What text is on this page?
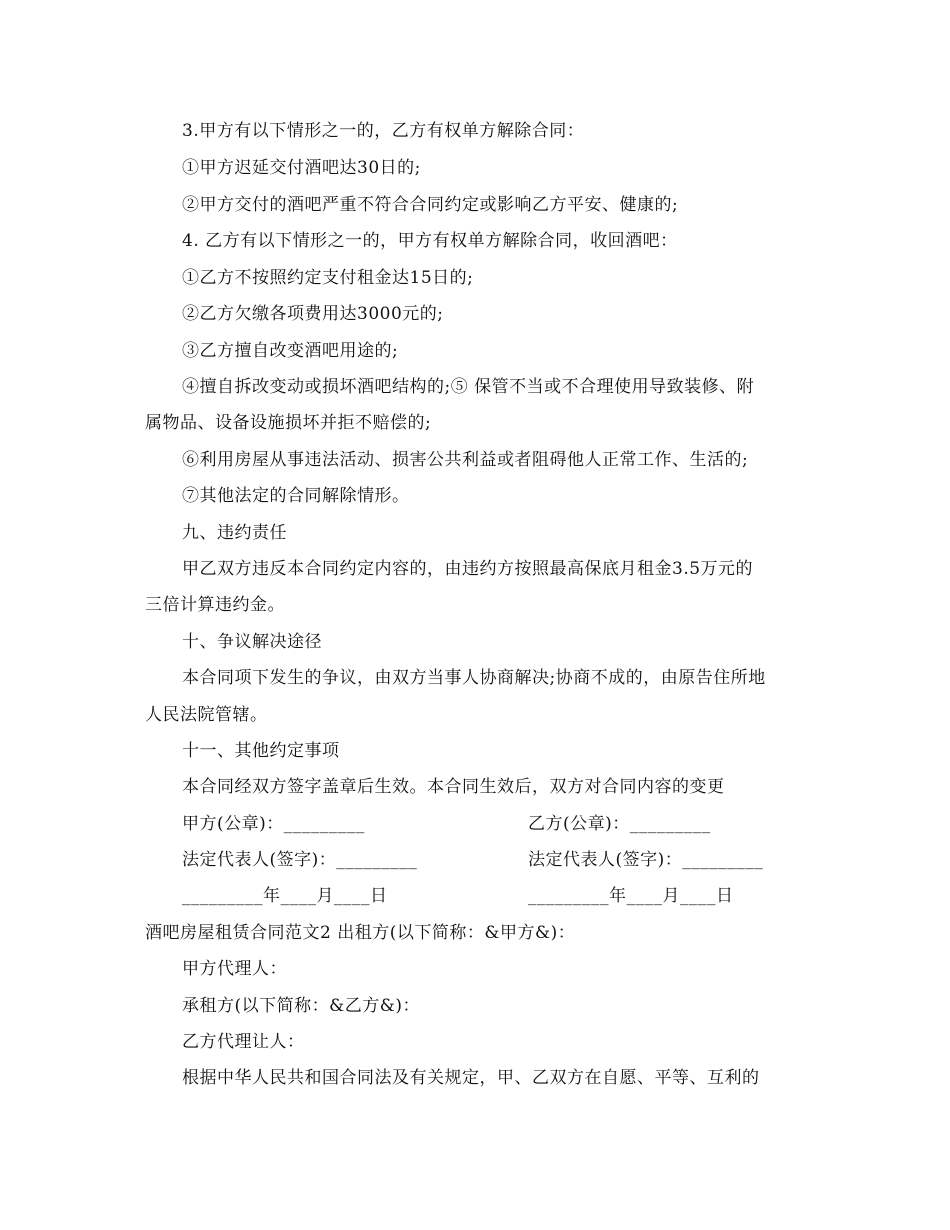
3.甲方有以下情形之一的，乙方有权单方解除合同：
①甲方迟延交付酒吧达30日的;
②甲方交付的酒吧严重不符合合同约定或影响乙方平安、健康的;
4. 乙方有以下情形之一的，甲方有权单方解除合同，收回酒吧：
①乙方不按照约定支付租金达15日的;
②乙方欠缴各项费用达3000元的;
③乙方擅自改变酒吧用途的;
④擅自拆改变动或损坏酒吧结构的;⑤ 保管不当或不合理使用导致装修、附
属物品、设备设施损坏并拒不赔偿的;
⑥利用房屋从事违法活动、损害公共利益或者阻碍他人正常工作、生活的;
⑦其他法定的合同解除情形。
九、违约责任
甲乙双方违反本合同约定内容的，由违约方按照最高保底月租金3.5万元的
三倍计算违约金。
十、争议解决途径
本合同项下发生的争议，由双方当事人协商解决;协商不成的，由原告住所地
人民法院管辖。
十一、其他约定事项
本合同经双方签字盖章后生效。本合同生效后，双方对合同内容的变更
甲方(公章)：_________	乙方(公章)：_________
法定代表人(签字)：_________	法定代表人(签字)：_________
_________年____月____日	_________年____月____日
酒吧房屋租赁合同范文2 出租方(以下简称：&甲方&)：
甲方代理人：
承租方(以下简称：&乙方&)：
乙方代理让人：
根据中华人民共和国合同法及有关规定，甲、乙双方在自愿、平等、互利的
